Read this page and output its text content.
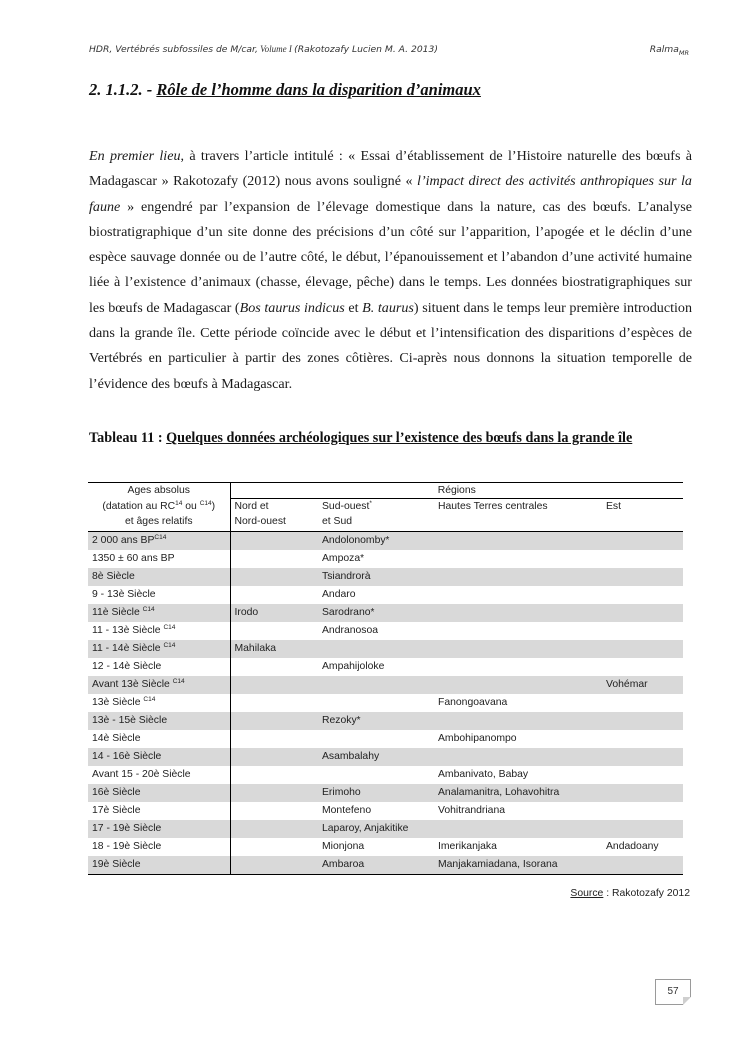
HDR, Vertébrés subfossiles de M/car, Volume I (Rakotozafy Lucien M. A. 2013)	Ralma$_{MR}$
2. 1.1.2. - Rôle de l’homme dans la disparition d’animaux
En premier lieu, à travers l’article intitulé : « Essai d’établissement de l’Histoire naturelle des bœufs à Madagascar » Rakotozafy (2012) nous avons souligné « l’impact direct des activités anthropiques sur la faune » engendré par l’expansion de l’élevage domestique dans la nature, cas des bœufs. L’analyse biostratigraphique d’un site donne des précisions d’un côté sur l’apparition, l’apogée et le déclin d’une espèce sauvage donnée ou de l’autre côté, le début, l’épanouissement et l’abandon d’une activité humaine liée à l’existence d’animaux (chasse, élevage, pêche) dans le temps. Les données biostratigraphiques sur les bœufs de Madagascar (Bos taurus indicus et B. taurus) situent dans le temps leur première introduction dans la grande île. Cette période coïncide avec le début et l’intensification des disparitions d’espèces de Vertébrés en particulier à partir des zones côtières. Ci-après nous donnons la situation temporelle de l’évidence des bœufs à Madagascar.
Tableau 11 : Quelques données archéologiques sur l’existence des bœufs dans la grande île
Ages absolus	Régions			
(datation au RC$^{14}$ ou $^{C14}$)	Nord et	Sud-ouest*	Hautes Terres centrales	Est
et âges relatifs	Nord-ouest	et Sud		
2 000 ans $BP^{C14}$		Andolonomby*		
1350 ± 60 ans BP		Ampoza*		
8è Siècle		Tsiandrorà		
9 - 13è Siècle		Andaro		
11è Siècle $^{C14}$	Irodo	Sarodrano*		
11 - 13è Siècle $^{C14}$		Andranosoa		
11 - 14è Siècle $^{C14}$	Mahilaka			
12 - 14è Siècle		Ampahijoloke		
Avant 13è Siècle $^{C14}$				Vohémar
13è Siècle $^{C14}$			Fanongoavana	
13è - 15è Siècle		Rezoky*		
14è Siècle			Ambohipanompo	
14 - 16è Siècle		Asambalahy		
Avant 15 - 20è Siècle			Ambanivato, Babay	
16è Siècle		Erimoho	Analamanitra, Lohavohitra	
17è Siècle		Montefeno	Vohitrandriana	
17 - 19è Siècle		Laparoy, Anjakitike		
18 - 19è Siècle		Mionjona	Imerikanjaka	Andadoany
19è Siècle		Ambaroa	Manjakamiadana, Isorana	
Source : Rakotozafy 2012
57
